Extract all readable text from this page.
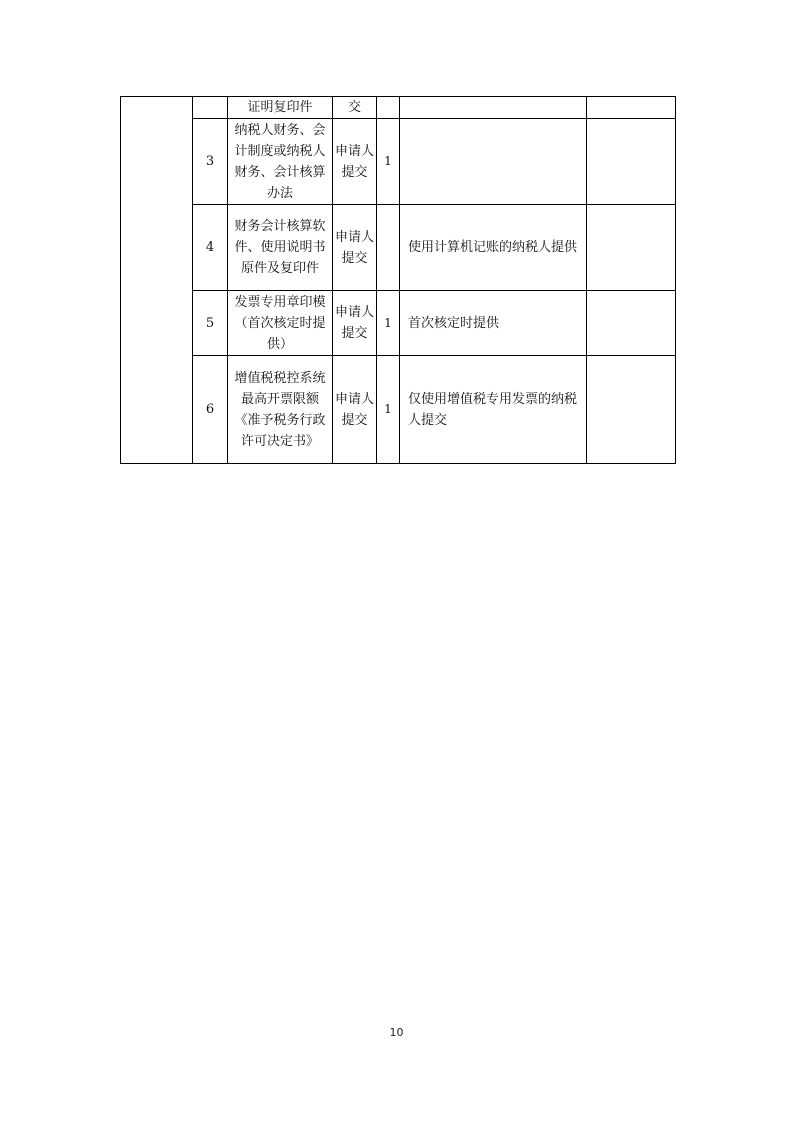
		证明复印件	交			
	3	纳税人财务、会计制度或纳税人财务、会计核算办法	申请人提交	1		
	4	财务会计核算软件、使用说明书原件及复印件	申请人提交		使用计算机记账的纳税人提供	
	5	发票专用章印模（首次核定时提供）	申请人提交	1	首次核定时提供	
	6	增值税税控系统最高开票限额《准予税务行政许可决定书》	申请人提交	1	仅使用增值税专用发票的纳税人提交	
10
